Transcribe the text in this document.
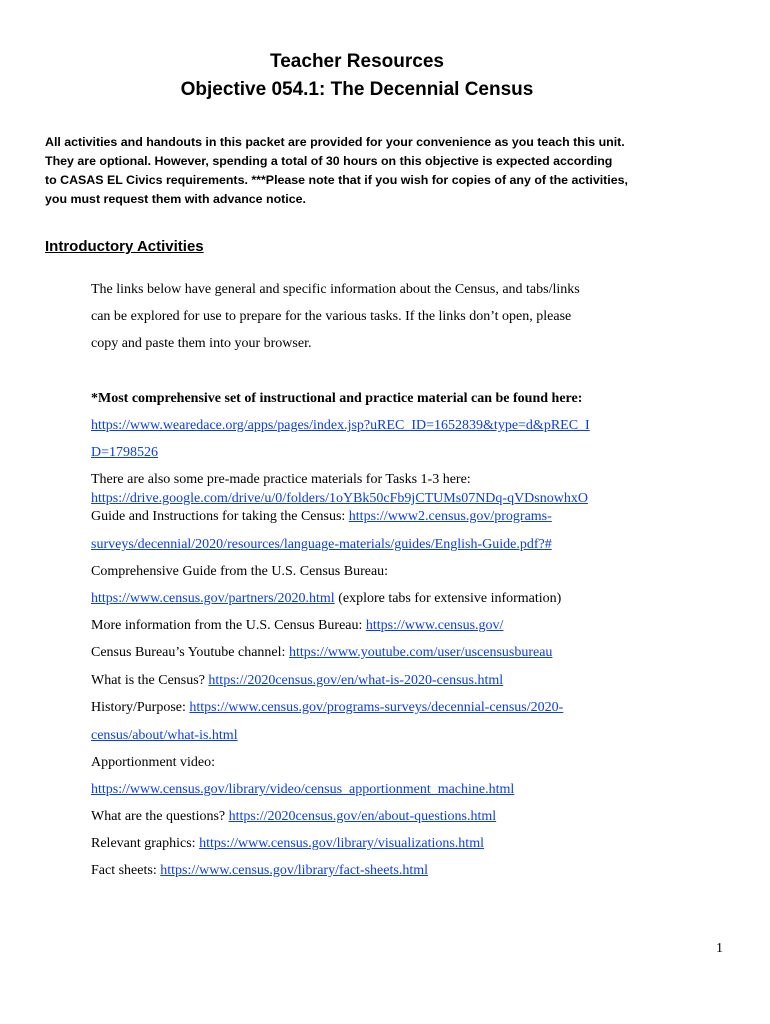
Teacher Resources
Objective 054.1: The Decennial Census
All activities and handouts in this packet are provided for your convenience as you teach this unit.
They are optional. However, spending a total of 30 hours on this objective is expected according
to CASAS EL Civics requirements. ***Please note that if you wish for copies of any of the activities,
you must request them with advance notice.
Introductory Activities
The links below have general and specific information about the Census, and tabs/links
can be explored for use to prepare for the various tasks. If the links don’t open, please
copy and paste them into your browser.
*Most comprehensive set of instructional and practice material can be found here:
https://www.wearedace.org/apps/pages/index.jsp?uREC_ID=1652839&type=d&pREC_I
D=1798526
There are also some pre-made practice materials for Tasks 1-3 here:
https://drive.google.com/drive/u/0/folders/1oYBk50cFb9jCTUMs07NDq-qVDsnowhxO
Guide and Instructions for taking the Census: https://www2.census.gov/programs-
surveys/decennial/2020/resources/language-materials/guides/English-Guide.pdf?#
Comprehensive Guide from the U.S. Census Bureau:
https://www.census.gov/partners/2020.html (explore tabs for extensive information)
More information from the U.S. Census Bureau: https://www.census.gov/
Census Bureau’s Youtube channel: https://www.youtube.com/user/uscensusbureau
What is the Census? https://2020census.gov/en/what-is-2020-census.html
History/Purpose: https://www.census.gov/programs-surveys/decennial-census/2020-
census/about/what-is.html
Apportionment video:
https://www.census.gov/library/video/census_apportionment_machine.html
What are the questions? https://2020census.gov/en/about-questions.html
Relevant graphics: https://www.census.gov/library/visualizations.html
Fact sheets: https://www.census.gov/library/fact-sheets.html
1
